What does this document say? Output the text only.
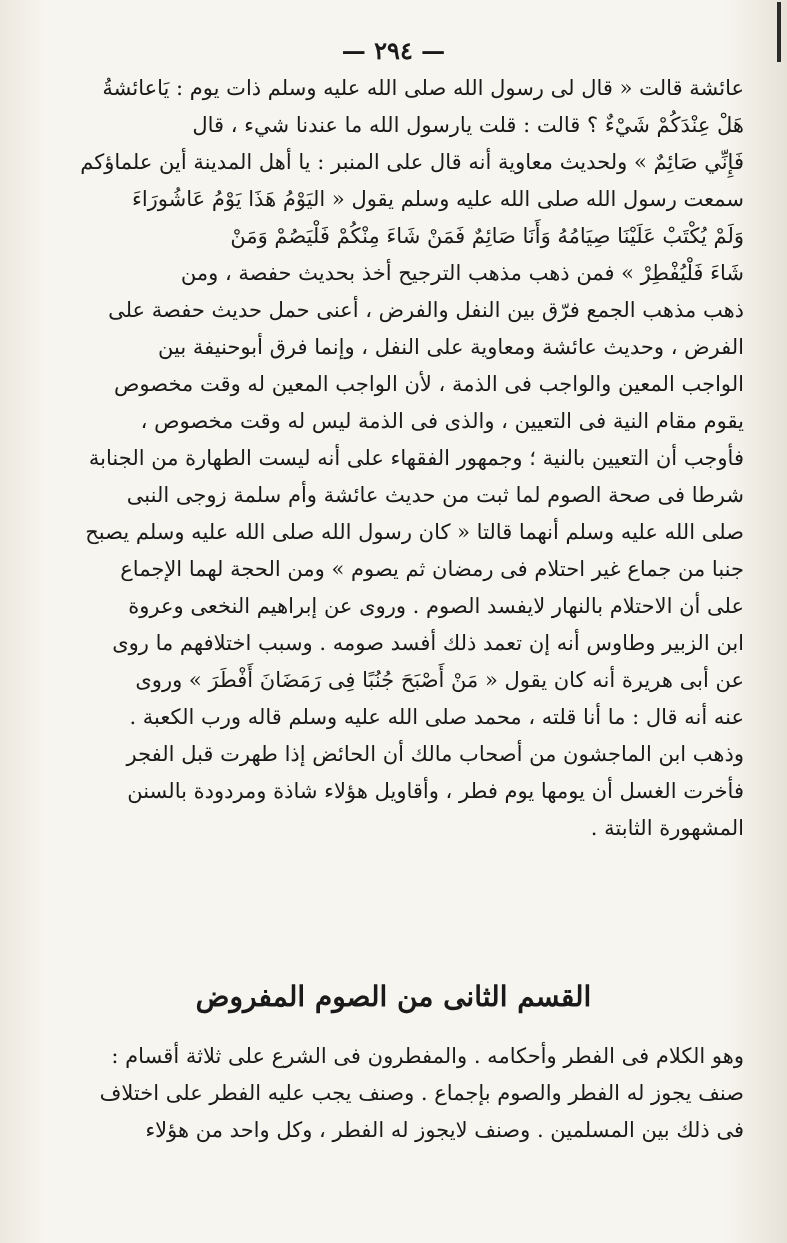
— ٢٩٤ —
عائشة قالت « قال لى رسول الله صلى الله عليه وسلم ذات يوم : يَاعائشةُ
هَلْ عِنْدَكُمْ شَيْءٌ ؟ قالت : قلت يارسول الله ما عندنا شيء ، قال
فَإِنِّي صَائِمٌ » ولحديث معاوية أنه قال على المنبر : يا أهل المدينة أين علماؤكم
سمعت رسول الله صلى الله عليه وسلم يقول « اليَوْمُ هَذَا يَوْمُ عَاشُورَاءَ
وَلَمْ يُكْتَبْ عَلَيْنَا صِيَامُهُ وَأَنَا صَائِمٌ فَمَنْ شَاءَ مِنْكُمْ فَلْيَصُمْ وَمَنْ
شَاءَ فَلْيُفْطِرْ » فمن ذهب مذهب الترجيح أخذ بحديث حفصة ، ومن
ذهب مذهب الجمع فرّق بين النفل والفرض ، أعنى حمل حديث حفصة على
الفرض ، وحديث عائشة ومعاوية على النفل ، وإنما فرق أبوحنيفة بين
الواجب المعين والواجب فى الذمة ، لأن الواجب المعين له وقت مخصوص
يقوم مقام النية فى التعيين ، والذى فى الذمة ليس له وقت مخصوص ،
فأوجب أن التعيين بالنية ؛ وجمهور الفقهاء على أنه ليست الطهارة من الجنابة
شرطا فى صحة الصوم لما ثبت من حديث عائشة وأم سلمة زوجى النبى
صلى الله عليه وسلم أنهما قالتا « كان رسول الله صلى الله عليه وسلم يصبح
جنبا من جماع غير احتلام فى رمضان ثم يصوم » ومن الحجة لهما الإجماع
على أن الاحتلام بالنهار لايفسد الصوم . وروى عن إبراهيم النخعى وعروة
ابن الزبير وطاوس أنه إن تعمد ذلك أفسد صومه . وسبب اختلافهم ما روى
عن أبى هريرة أنه كان يقول « مَنْ أَصْبَحَ جُنُبًا فِى رَمَضَانَ أَفْطَرَ » وروى
عنه أنه قال : ما أنا قلته ، محمد صلى الله عليه وسلم قاله ورب الكعبة .
وذهب ابن الماجشون من أصحاب مالك أن الحائض إذا طهرت قبل الفجر
فأخرت الغسل أن يومها يوم فطر ، وأقاويل هؤلاء شاذة ومردودة بالسنن
المشهورة الثابتة .
القسم الثانى من الصوم المفروض
وهو الكلام فى الفطر وأحكامه . والمفطرون فى الشرع على ثلاثة أقسام :
صنف يجوز له الفطر والصوم بإجماع . وصنف يجب عليه الفطر على اختلاف
فى ذلك بين المسلمين . وصنف لايجوز له الفطر ، وكل واحد من هؤلاء
